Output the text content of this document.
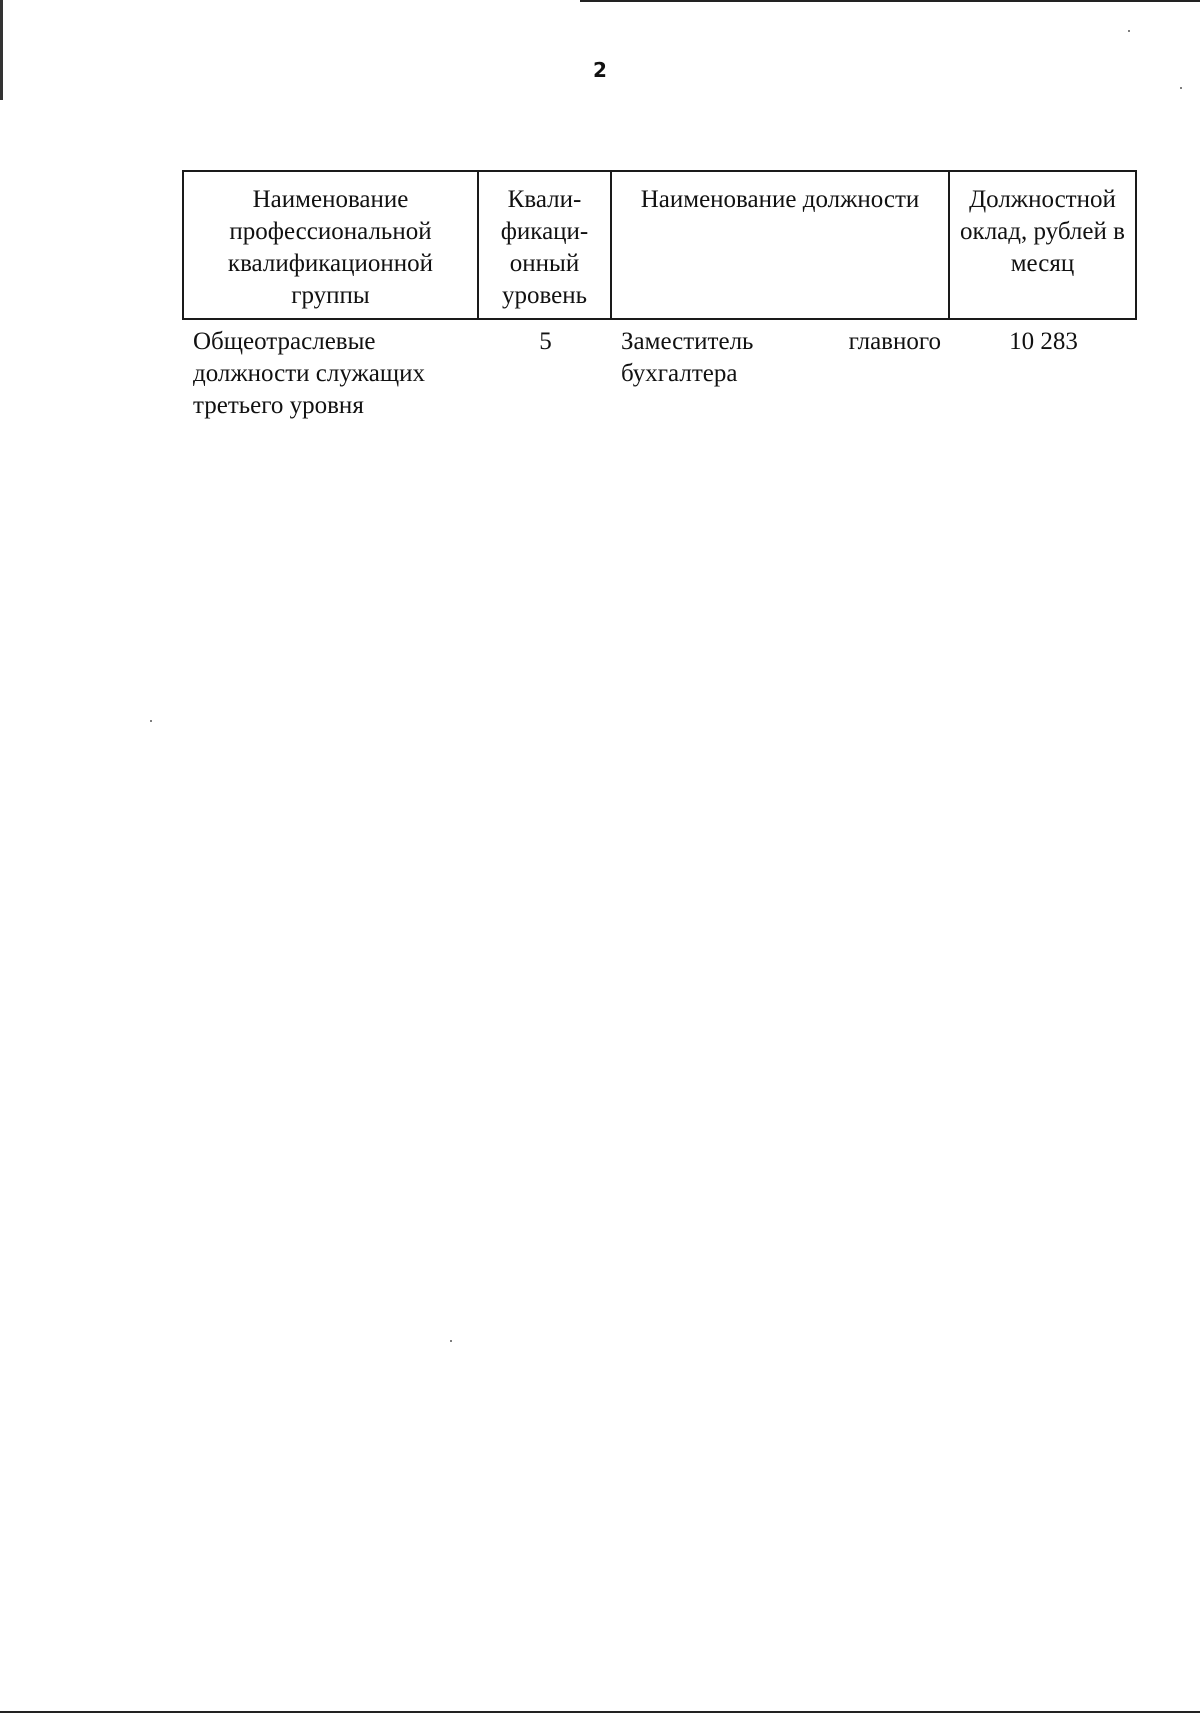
2
Наименование профессиональной квалификационной группы	Квали-фикаци-онный уровень	Наименование должности	Должностной оклад, рублей в месяц
Общеотраслевые должности служащих третьего уровня	5	Заместитель главного бухгалтера	10 283
